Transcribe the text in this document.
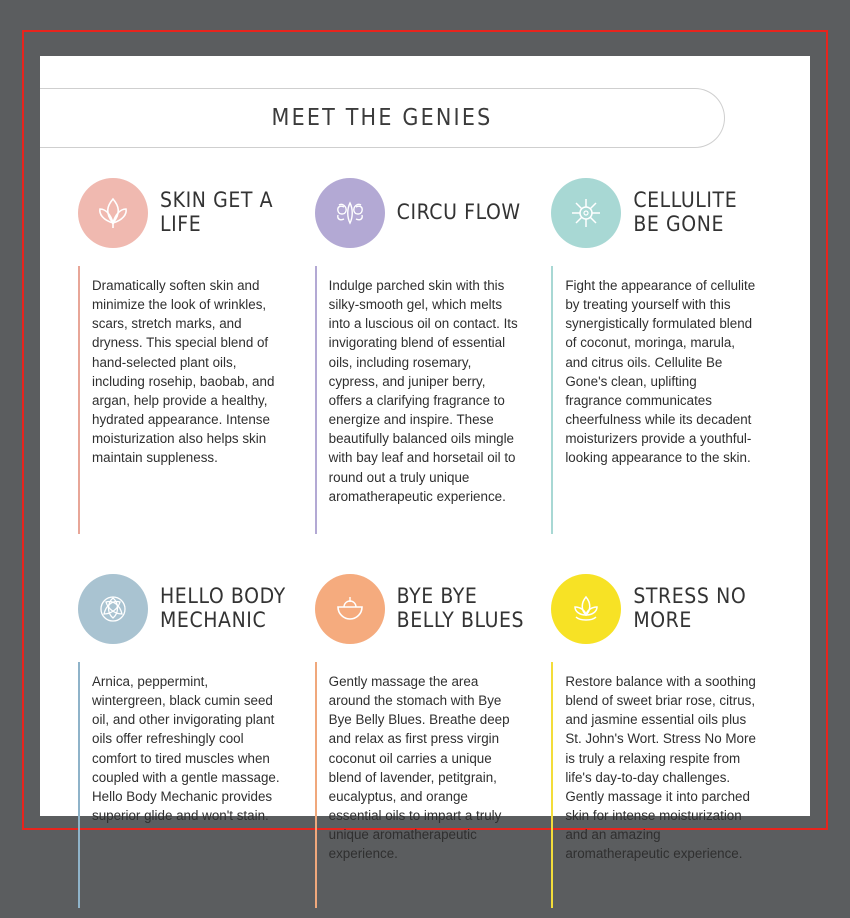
MEET THE GENIES
SKIN GET A LIFE
Dramatically soften skin and minimize the look of wrinkles, scars, stretch marks, and dryness. This special blend of hand-selected plant oils, including rosehip, baobab, and argan, help provide a healthy, hydrated appearance. Intense moisturization also helps skin maintain suppleness.
CIRCU FLOW
Indulge parched skin with this silky-smooth gel, which melts into a luscious oil on contact. Its invigorating blend of essential oils, including rosemary, cypress, and juniper berry, offers a clarifying fragrance to energize and inspire. These beautifully balanced oils mingle with bay leaf and horsetail oil to round out a truly unique aromatherapeutic experience.
CELLULITE BE GONE
Fight the appearance of cellulite by treating yourself with this synergistically formulated blend of coconut, moringa, marula, and citrus oils. Cellulite Be Gone's clean, uplifting fragrance communicates cheerfulness while its decadent moisturizers provide a youthful-looking appearance to the skin.
HELLO BODY MECHANIC
Arnica, peppermint, wintergreen, black cumin seed oil, and other invigorating plant oils offer refreshingly cool comfort to tired muscles when coupled with a gentle massage. Hello Body Mechanic provides superior glide and won't stain.
BYE BYE BELLY BLUES
Gently massage the area around the stomach with Bye Bye Belly Blues. Breathe deep and relax as first press virgin coconut oil carries a unique blend of lavender, petitgrain, eucalyptus, and orange essential oils to impart a truly unique aromatherapeutic experience.
STRESS NO MORE
Restore balance with a soothing blend of sweet briar rose, citrus, and jasmine essential oils plus St. John's Wort. Stress No More is truly a relaxing respite from life's day-to-day challenges. Gently massage it into parched skin for intense moisturization and an amazing aromatherapeutic experience.
